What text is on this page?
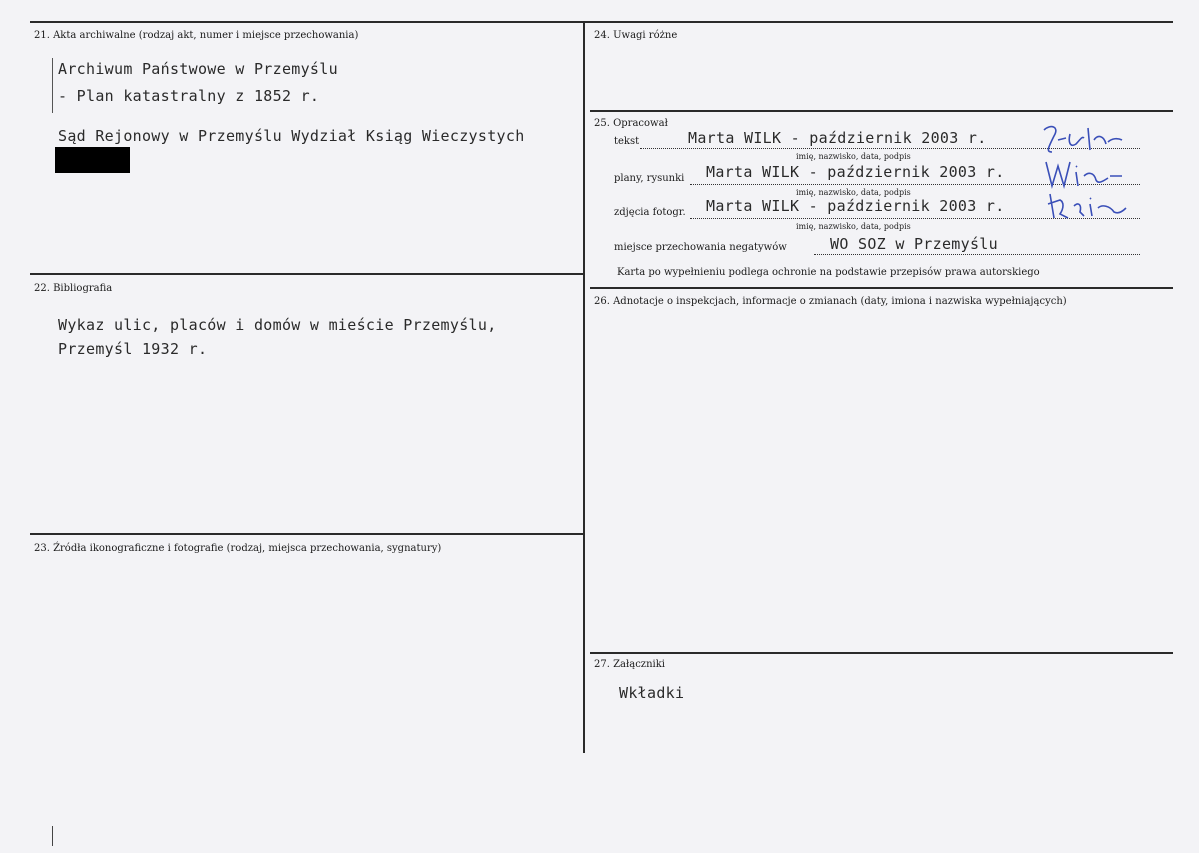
21. Akta archiwalne (rodzaj akt, numer i miejsce przechowania)
Archiwum Państwowe w Przemyślu
- Plan katastralny z 1852 r.
Sąd Rejonowy w Przemyślu Wydział Ksiąg Wieczystych
22. Bibliografia
Wykaz ulic, placów i domów w mieście Przemyślu,
Przemyśl 1932 r.
23. Źródła ikonograficzne i fotografie (rodzaj, miejsca przechowania, sygnatury)
24. Uwagi różne
25. Opracował
tekst	Marta WILK - październik 2003 r.
imię, nazwisko, data, podpis
plany, rysunki Marta WILK - październik 2003 r.
imię, nazwisko, data, podpis
zdjęcia fotogr. Marta WILK - październik 2003 r.
imię, nazwisko, data, podpis
miejsce przechowania negatywów	WO SOZ w Przemyślu
Karta po wypełnieniu podlega ochronie na podstawie przepisów prawa autorskiego
26. Adnotacje o inspekcjach, informacje o zmianach (daty, imiona i nazwiska wypełniających)
27. Załączniki
Wkładki
